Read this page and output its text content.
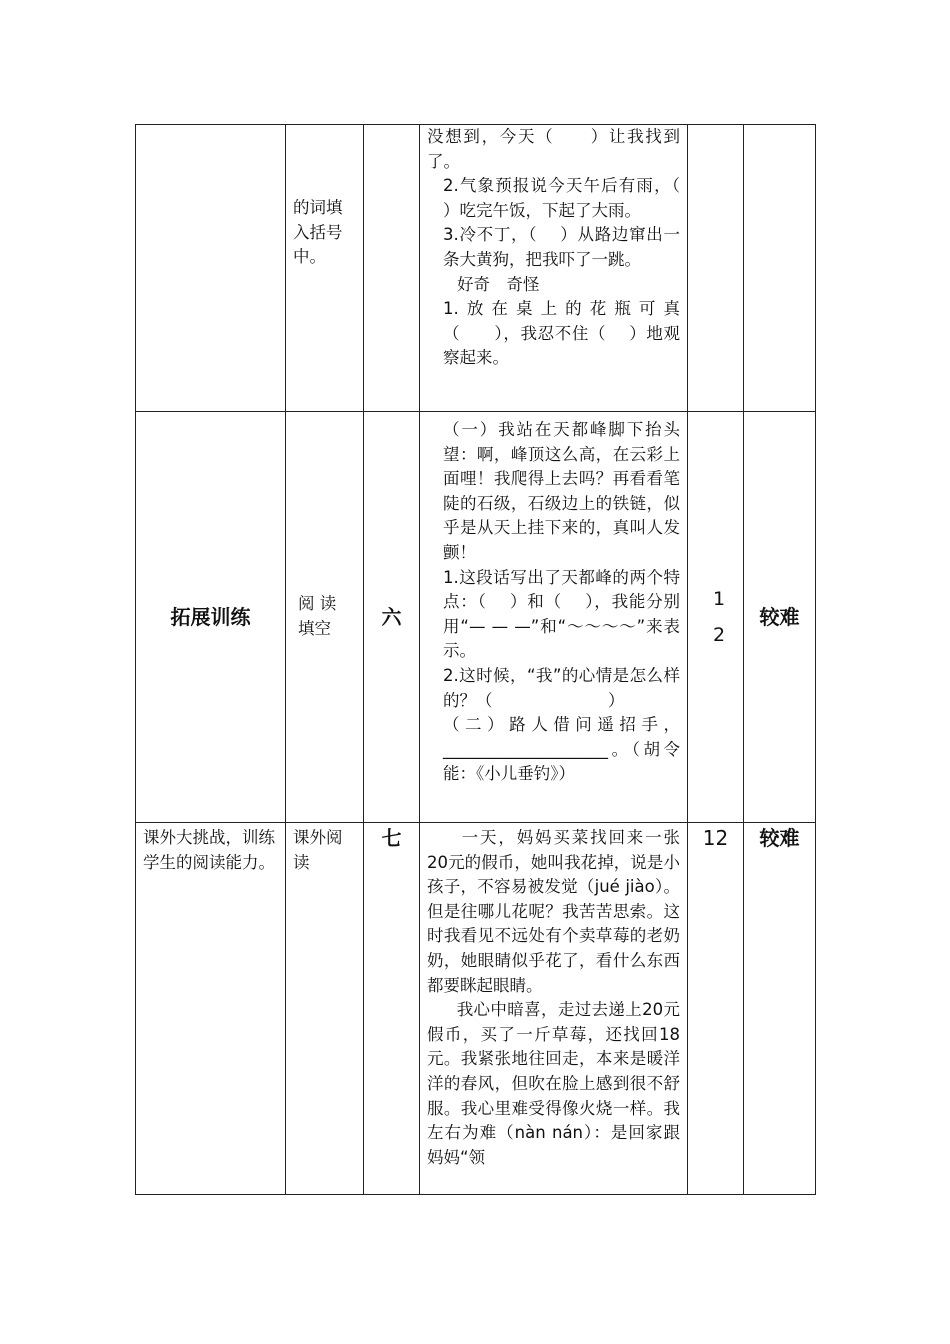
	的词填入括号中。		没想到，今天（　　）让我找到了。

2.气象预报说今天午后有雨，（　 ）吃完午饭，下起了大雨。

3.冷不丁，（　 ）从路边窜出一条大黄狗，把我吓了一跳。

好奇　奇怪

1.放在桌上的花瓶可真（　　），我忍不住（　 ）地观察起来。		

拓展训练	阅 读 填空	六	（一）我站在天都峰脚下抬头望：啊，峰顶这么高，在云彩上面哩！我爬得上去吗？再看看笔陡的石级，石级边上的铁链，似乎是从天上挂下来的，真叫人发颤！

1.这段话写出了天都峰的两个特点：（　 ）和（　 ），我能分别用“— — —”和“～～～～”来表示。

2.这时候，“我”的心情是怎么样的？（　　　　　　　）

（二）路人借问遥招手，____________________。（胡令能：《小儿垂钓》）	12	较难

课外大挑战，训练学生的阅读能力。	课外阅读	七	一天，妈妈买菜找回来一张20元的假币，她叫我花掉，说是小孩子，不容易被发觉（jué jiào）。但是往哪儿花呢？我苦苦思索。这时我看见不远处有个卖草莓的老奶奶，她眼睛似乎花了，看什么东西都要眯起眼睛。

我心中暗喜，走过去递上20元假币，买了一斤草莓，还找回18元。我紧张地往回走，本来是暖洋洋的春风，但吹在脸上感到很不舒服。我心里难受得像火烧一样。我左右为难（nàn nán）：是回家跟妈妈“领	12	较难
